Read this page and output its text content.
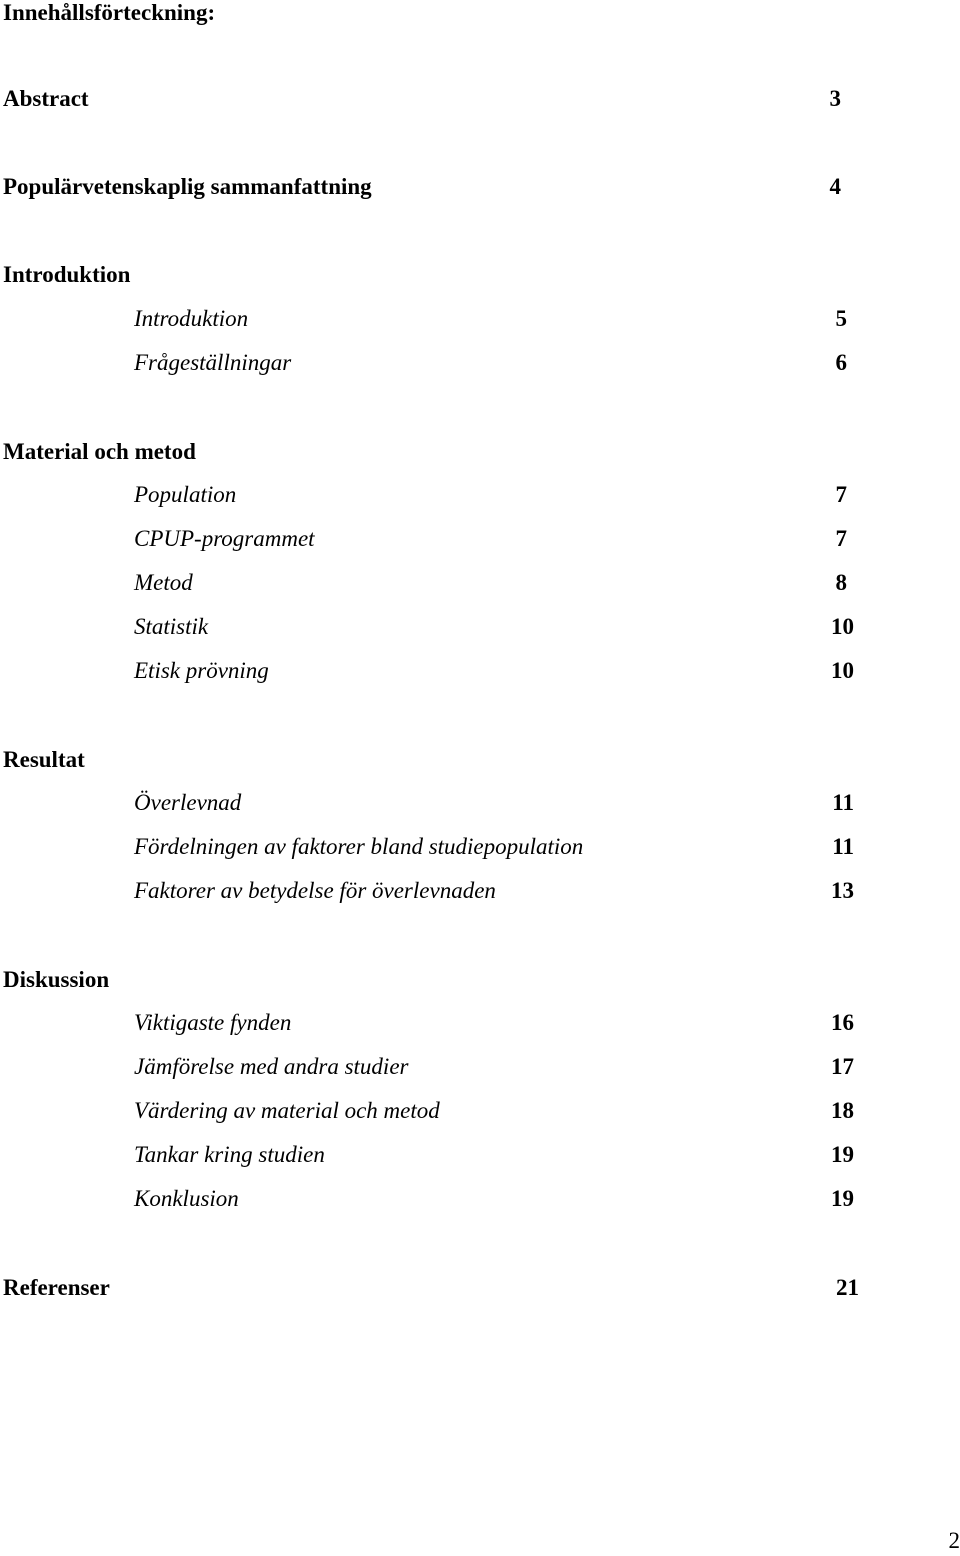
Innehållsförteckning:
Abstract	3
Populärvetenskaplig sammanfattning	4
Introduktion
Introduktion	5
Frågeställningar	6
Material och metod
Population	7
CPUP-programmet	7
Metod	8
Statistik	10
Etisk prövning	10
Resultat
Överlevnad	11
Fördelningen av faktorer bland studiepopulation	11
Faktorer av betydelse för överlevnaden	13
Diskussion
Viktigaste fynden	16
Jämförelse med andra studier	17
Värdering av material och metod	18
Tankar kring studien	19
Konklusion	19
Referenser	21
2
